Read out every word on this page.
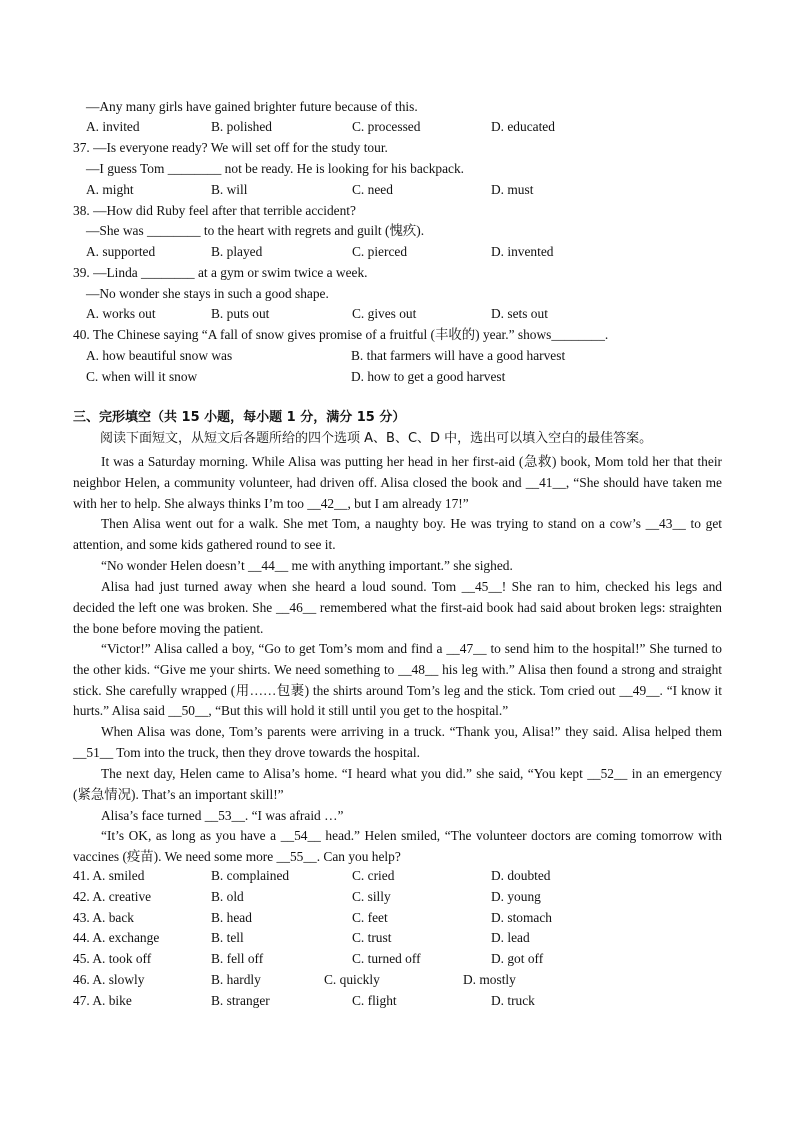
—Any many girls have gained brighter future because of this.
A. invited	B. polished	C. processed	D. educated
37. —Is everyone ready? We will set off for the study tour.
—I guess Tom ________ not be ready. He is looking for his backpack.
A. might	B. will	C. need	D. must
38. —How did Ruby feel after that terrible accident?
—She was ________ to the heart with regrets and guilt (愧疚).
A. supported	B. played	C. pierced	D. invented
39. —Linda ________ at a gym or swim twice a week.
—No wonder she stays in such a good shape.
A. works out	B. puts out	C. gives out	D. sets out
40. The Chinese saying “A fall of snow gives promise of a fruitful (丰收的) year.” shows________.
A. how beautiful snow was	B. that farmers will have a good harvest
C. when will it snow	D. how to get a good harvest
三、完形填空（共 15 小题，每小题 1 分，满分 15 分）
阅读下面短文，从短文后各题所给的四个选项 A、B、C、D 中，选出可以填入空白的最佳答案。
It was a Saturday morning. While Alisa was putting her head in her first-aid (急救) book, Mom told her that their neighbor Helen, a community volunteer, had driven off. Alisa closed the book and __41__, “She should have taken me with her to help. She always thinks I’m too __42__, but I am already 17!”
Then Alisa went out for a walk. She met Tom, a naughty boy. He was trying to stand on a cow’s __43__ to get attention, and some kids gathered round to see it.
“No wonder Helen doesn’t __44__ me with anything important.” she sighed.
Alisa had just turned away when she heard a loud sound. Tom __45__! She ran to him, checked his legs and decided the left one was broken. She __46__ remembered what the first-aid book had said about broken legs: straighten the bone before moving the patient.
“Victor!” Alisa called a boy, “Go to get Tom’s mom and find a __47__ to send him to the hospital!” She turned to the other kids. “Give me your shirts. We need something to __48__ his leg with.” Alisa then found a strong and straight stick. She carefully wrapped (用……包裹) the shirts around Tom’s leg and the stick. Tom cried out __49__. “I know it hurts.” Alisa said __50__, “But this will hold it still until you get to the hospital.”
When Alisa was done, Tom’s parents were arriving in a truck. “Thank you, Alisa!” they said. Alisa helped them __51__ Tom into the truck, then they drove towards the hospital.
The next day, Helen came to Alisa’s home. “I heard what you did.” she said, “You kept __52__ in an emergency (紧急情况). That’s an important skill!”
Alisa’s face turned __53__. “I was afraid …”
“It’s OK, as long as you have a __54__ head.” Helen smiled, “The volunteer doctors are coming tomorrow with vaccines (疫苗). We need some more __55__. Can you help?
41. A. smiled	B. complained	C. cried	D. doubted
42. A. creative	B. old	C. silly	D. young
43. A. back	B. head	C. feet	D. stomach
44. A. exchange	B. tell	C. trust	D. lead
45. A. took off	B. fell off	C. turned off	D. got off
46. A. slowly	B. hardly	C. quickly	D. mostly
47. A. bike	B. stranger	C. flight	D. truck
